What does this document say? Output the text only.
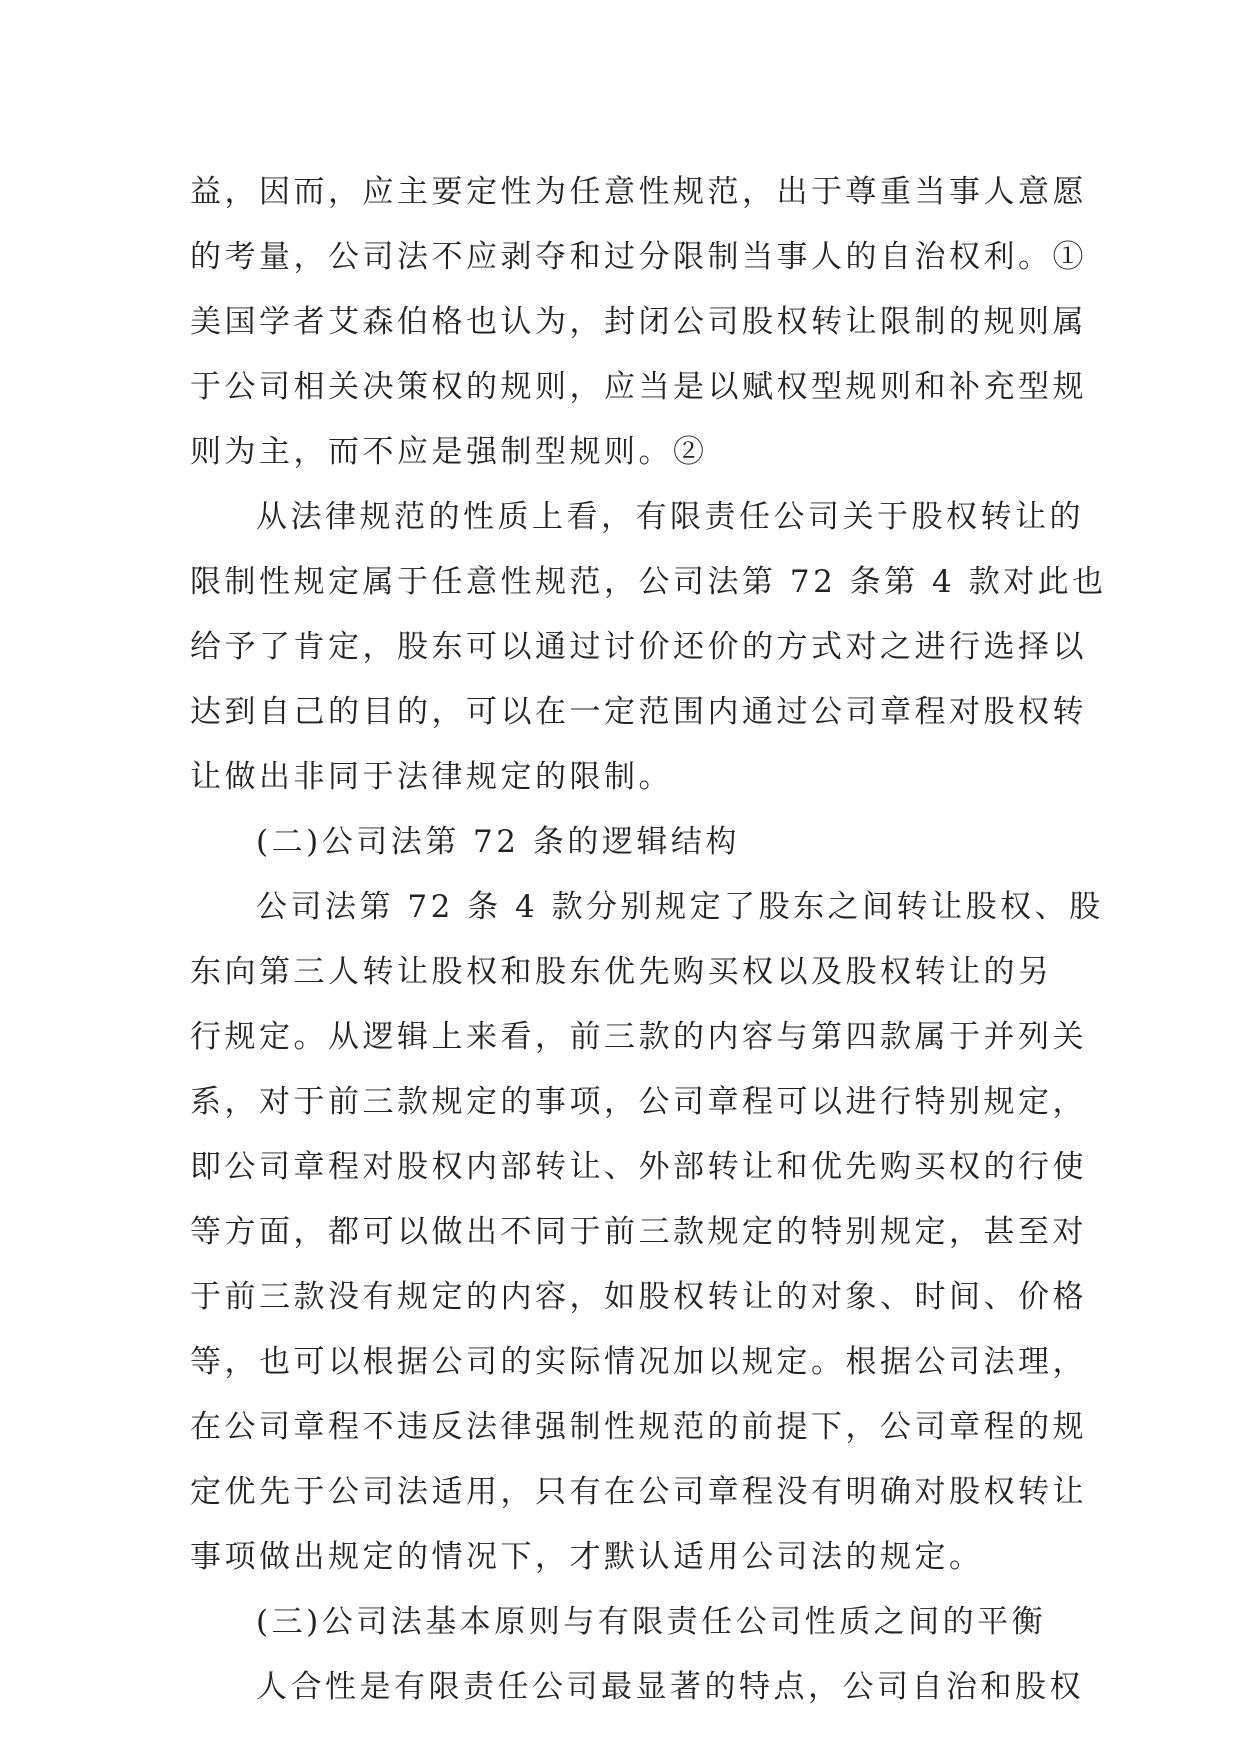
益，因而，应主要定性为任意性规范，出于尊重当事人意愿
的考量，公司法不应剥夺和过分限制当事人的自治权利。①
美国学者艾森伯格也认为，封闭公司股权转让限制的规则属
于公司相关决策权的规则，应当是以赋权型规则和补充型规
则为主，而不应是强制型规则。②
从法律规范的性质上看，有限责任公司关于股权转让的
限制性规定属于任意性规范，公司法第 72 条第 4 款对此也
给予了肯定，股东可以通过讨价还价的方式对之进行选择以
达到自己的目的，可以在一定范围内通过公司章程对股权转
让做出非同于法律规定的限制。
(二)公司法第 72 条的逻辑结构
公司法第 72 条 4 款分别规定了股东之间转让股权、股
东向第三人转让股权和股东优先购买权以及股权转让的另
行规定。从逻辑上来看，前三款的内容与第四款属于并列关
系，对于前三款规定的事项，公司章程可以进行特别规定，
即公司章程对股权内部转让、外部转让和优先购买权的行使
等方面，都可以做出不同于前三款规定的特别规定，甚至对
于前三款没有规定的内容，如股权转让的对象、时间、价格
等，也可以根据公司的实际情况加以规定。根据公司法理，
在公司章程不违反法律强制性规范的前提下，公司章程的规
定优先于公司法适用，只有在公司章程没有明确对股权转让
事项做出规定的情况下，才默认适用公司法的规定。
(三)公司法基本原则与有限责任公司性质之间的平衡
人合性是有限责任公司最显著的特点，公司自治和股权
